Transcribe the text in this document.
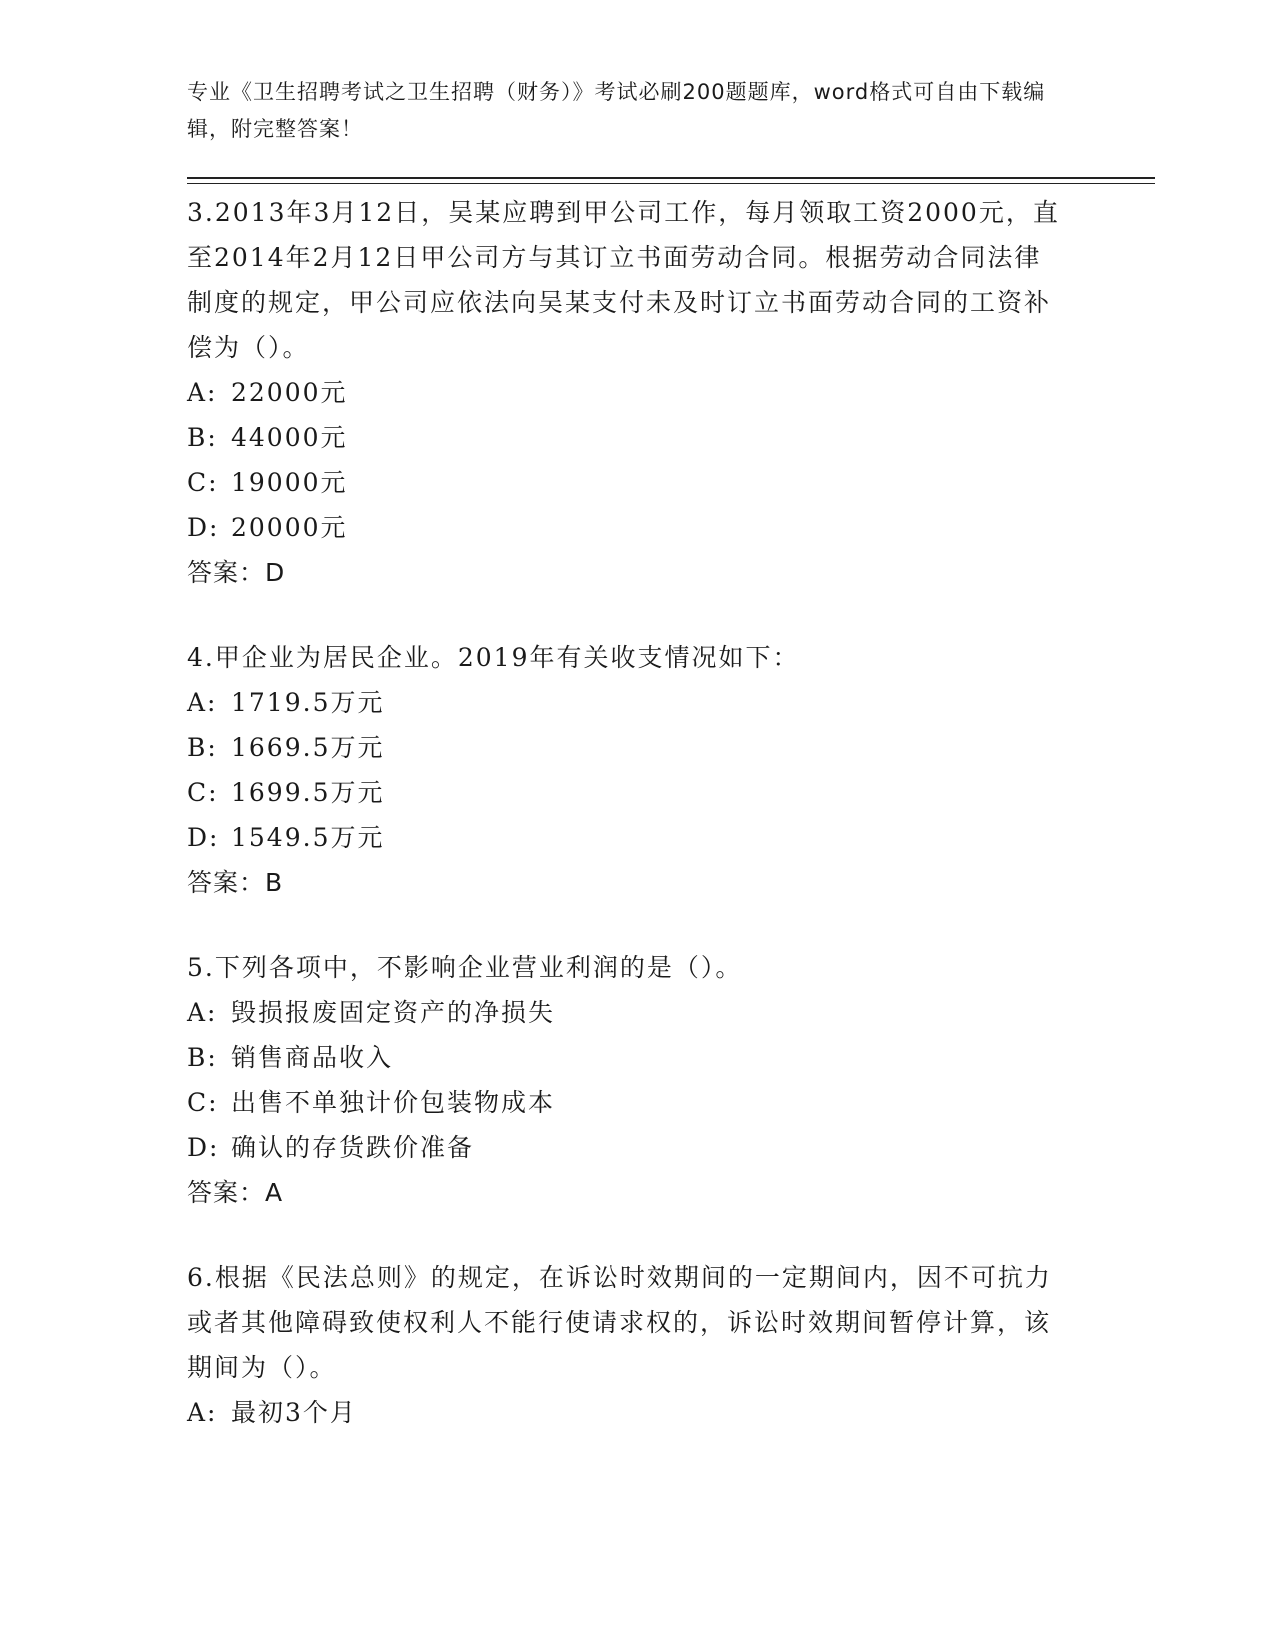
专业《卫生招聘考试之卫生招聘（财务）》考试必刷200题题库，word格式可自由下载编辑，附完整答案！
3.2013年3月12日，吴某应聘到甲公司工作，每月领取工资2000元，直至2014年2月12日甲公司方与其订立书面劳动合同。根据劳动合同法律制度的规定，甲公司应依法向吴某支付未及时订立书面劳动合同的工资补偿为（）。
A: 22000元
B: 44000元
C: 19000元
D: 20000元
答案：D
4.甲企业为居民企业。2019年有关收支情况如下：
A: 1719.5万元
B: 1669.5万元
C: 1699.5万元
D: 1549.5万元
答案：B
5.下列各项中，不影响企业营业利润的是（）。
A: 毁损报废固定资产的净损失
B: 销售商品收入
C: 出售不单独计价包装物成本
D: 确认的存货跌价准备
答案：A
6.根据《民法总则》的规定，在诉讼时效期间的一定期间内，因不可抗力或者其他障碍致使权利人不能行使请求权的，诉讼时效期间暂停计算，该期间为（）。
A: 最初3个月
